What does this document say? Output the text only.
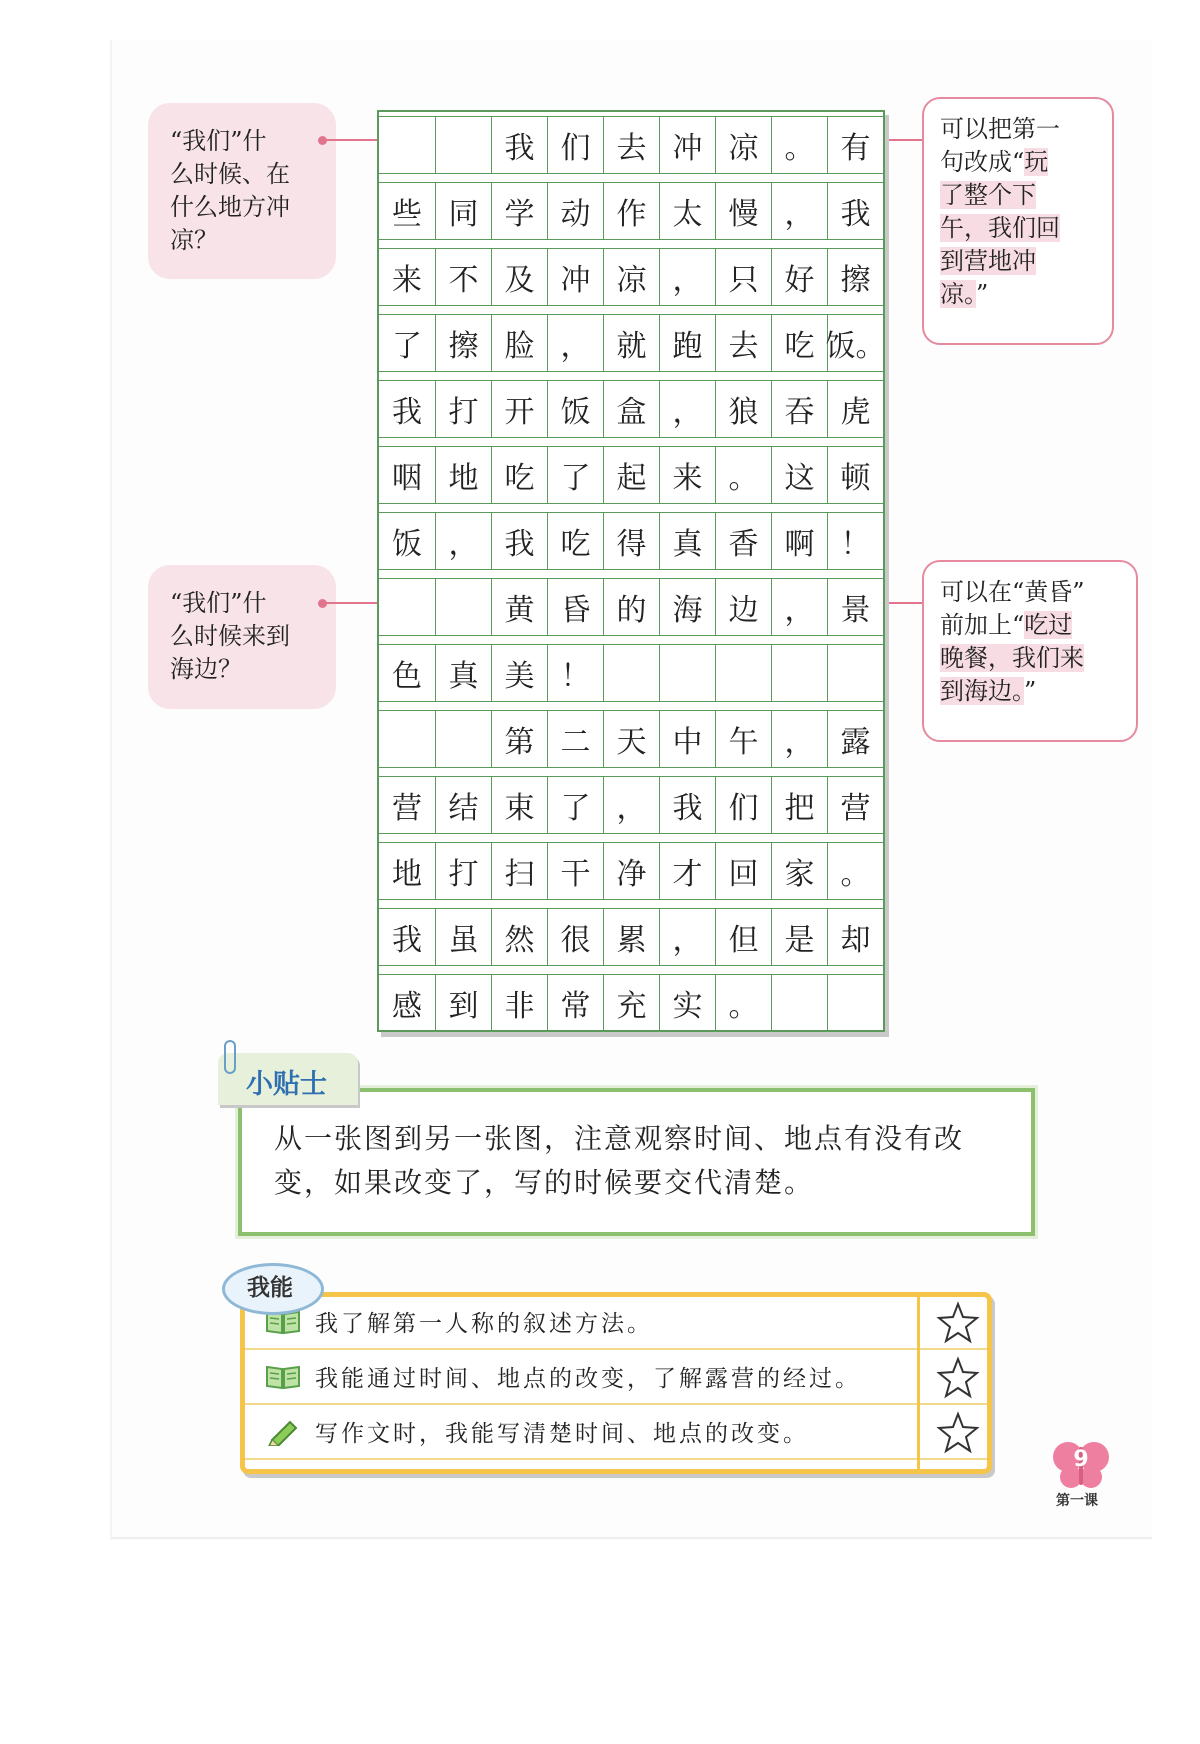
“我们”什
么时候、在
什么地方冲
凉？
“我们”什
么时候来到
海边？
可以把第一
句改成“玩
了整个下
午，我们回
到营地冲
凉。”
可以在“黄昏”
前加上“吃过
晚餐，我们来
到海边。”
我 们 去 冲 凉 。 有
些 同 学 动 作 太 慢 ， 我
来 不 及 冲 凉 ， 只 好 擦
了 擦 脸 ， 就 跑 去 吃 饭。
我 打 开 饭 盒 ， 狼 吞 虎
咽 地 吃 了 起 来 。 这 顿
饭 ， 我 吃 得 真 香 啊 ！
黄 昏 的 海 边 ， 景
色 真 美 ！
第 二 天 中 午 ， 露
营 结 束 了 ， 我 们 把 营
地 打 扫 干 净 才 回 家 。
我 虽 然 很 累 ， 但 是 却
感 到 非 常 充 实 。
小贴士
从一张图到另一张图，注意观察时间、地点有没有改变，如果改变了，写的时候要交代清楚。
我了解第一人称的叙述方法。
我能通过时间、地点的改变，了解露营的经过。
写作文时，我能写清楚时间、地点的改变。
我能
9
第一课
